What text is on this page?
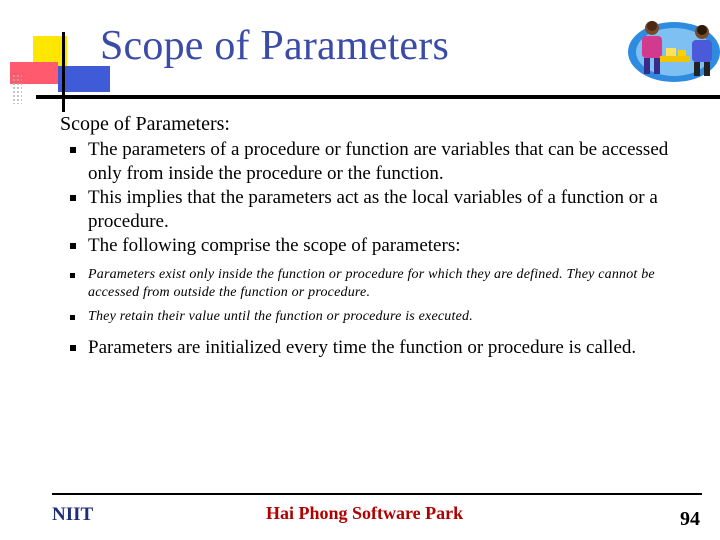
Scope of Parameters

Scope of Parameters:

The parameters of a procedure or function are variables that can be accessed only from inside the procedure or the function.
This implies that the parameters act as the local variables of a function or a procedure.
The following comprise the scope of parameters:
Parameters exist only inside the function or procedure for which they are defined. They cannot be accessed from outside the function or procedure.
They retain their value until the function or procedure is executed.
Parameters are initialized every time the function or procedure is called.
NIIT	Hai Phong Software Park	94
